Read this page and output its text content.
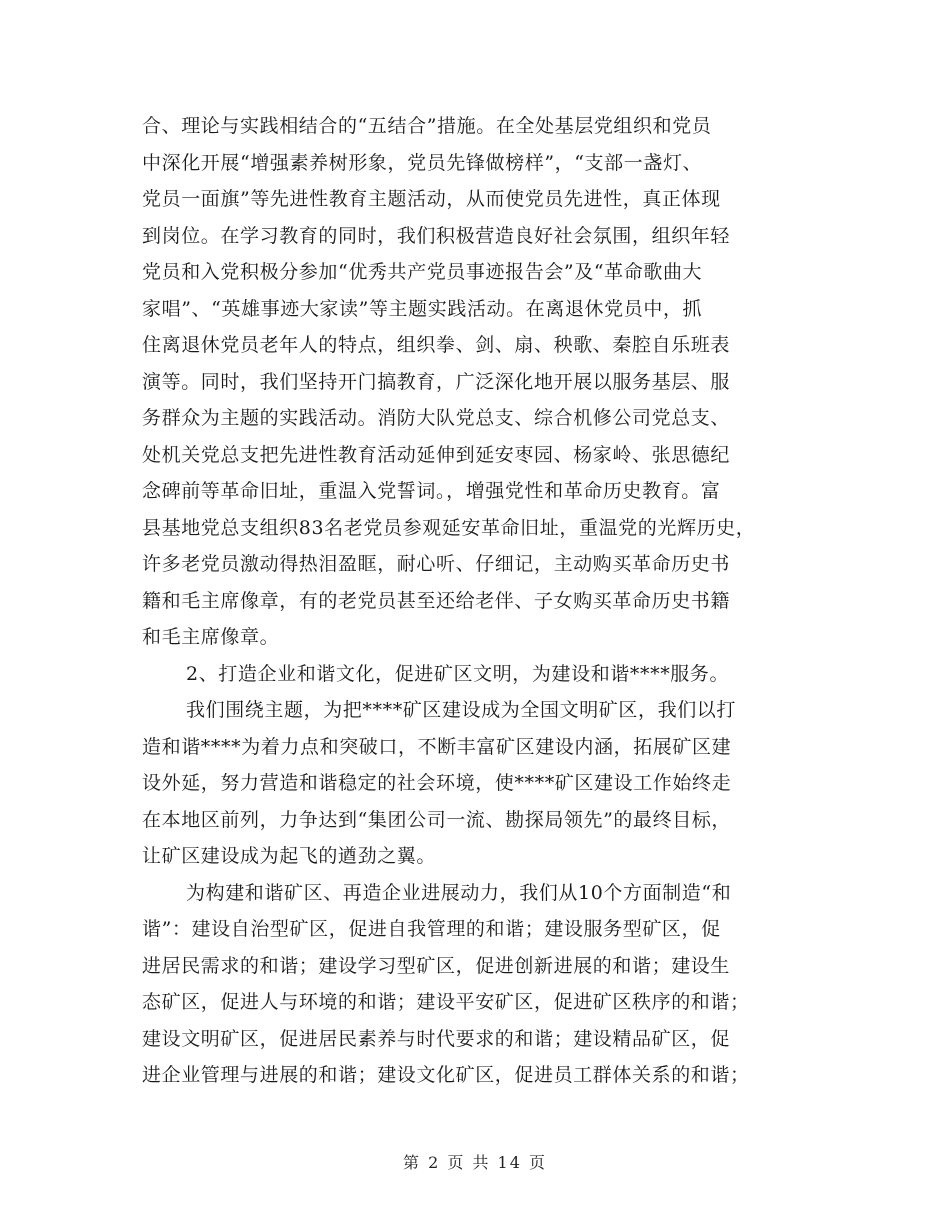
合、理论与实践相结合的“五结合”措施。在全处基层党组织和党员
中深化开展“增强素养树形象，党员先锋做榜样”，“支部一盏灯、
党员一面旗”等先进性教育主题活动，从而使党员先进性，真正体现
到岗位。在学习教育的同时，我们积极营造良好社会氛围，组织年轻
党员和入党积极分参加“优秀共产党员事迹报告会”及“革命歌曲大
家唱”、“英雄事迹大家读”等主题实践活动。在离退休党员中，抓
住离退休党员老年人的特点，组织拳、剑、扇、秧歌、秦腔自乐班表
演等。同时，我们坚持开门搞教育，广泛深化地开展以服务基层、服
务群众为主题的实践活动。消防大队党总支、综合机修公司党总支、
处机关党总支把先进性教育活动延伸到延安枣园、杨家岭、张思德纪
念碑前等革命旧址，重温入党誓词。，增强党性和革命历史教育。富
县基地党总支组织83名老党员参观延安革命旧址，重温党的光辉历史，
许多老党员激动得热泪盈眶，耐心听、仔细记，主动购买革命历史书
籍和毛主席像章，有的老党员甚至还给老伴、子女购买革命历史书籍
和毛主席像章。
2、打造企业和谐文化，促进矿区文明，为建设和谐****服务。
我们围绕主题，为把****矿区建设成为全国文明矿区，我们以打
造和谐****为着力点和突破口，不断丰富矿区建设内涵，拓展矿区建
设外延，努力营造和谐稳定的社会环境，使****矿区建设工作始终走
在本地区前列，力争达到“集团公司一流、勘探局领先”的最终目标，
让矿区建设成为起飞的遒劲之翼。
为构建和谐矿区、再造企业进展动力，我们从10个方面制造“和
谐”：建设自治型矿区，促进自我管理的和谐；建设服务型矿区，促
进居民需求的和谐；建设学习型矿区，促进创新进展的和谐；建设生
态矿区，促进人与环境的和谐；建设平安矿区，促进矿区秩序的和谐；
建设文明矿区，促进居民素养与时代要求的和谐；建设精品矿区，促
进企业管理与进展的和谐；建设文化矿区，促进员工群体关系的和谐；
第 2 页 共 14 页
